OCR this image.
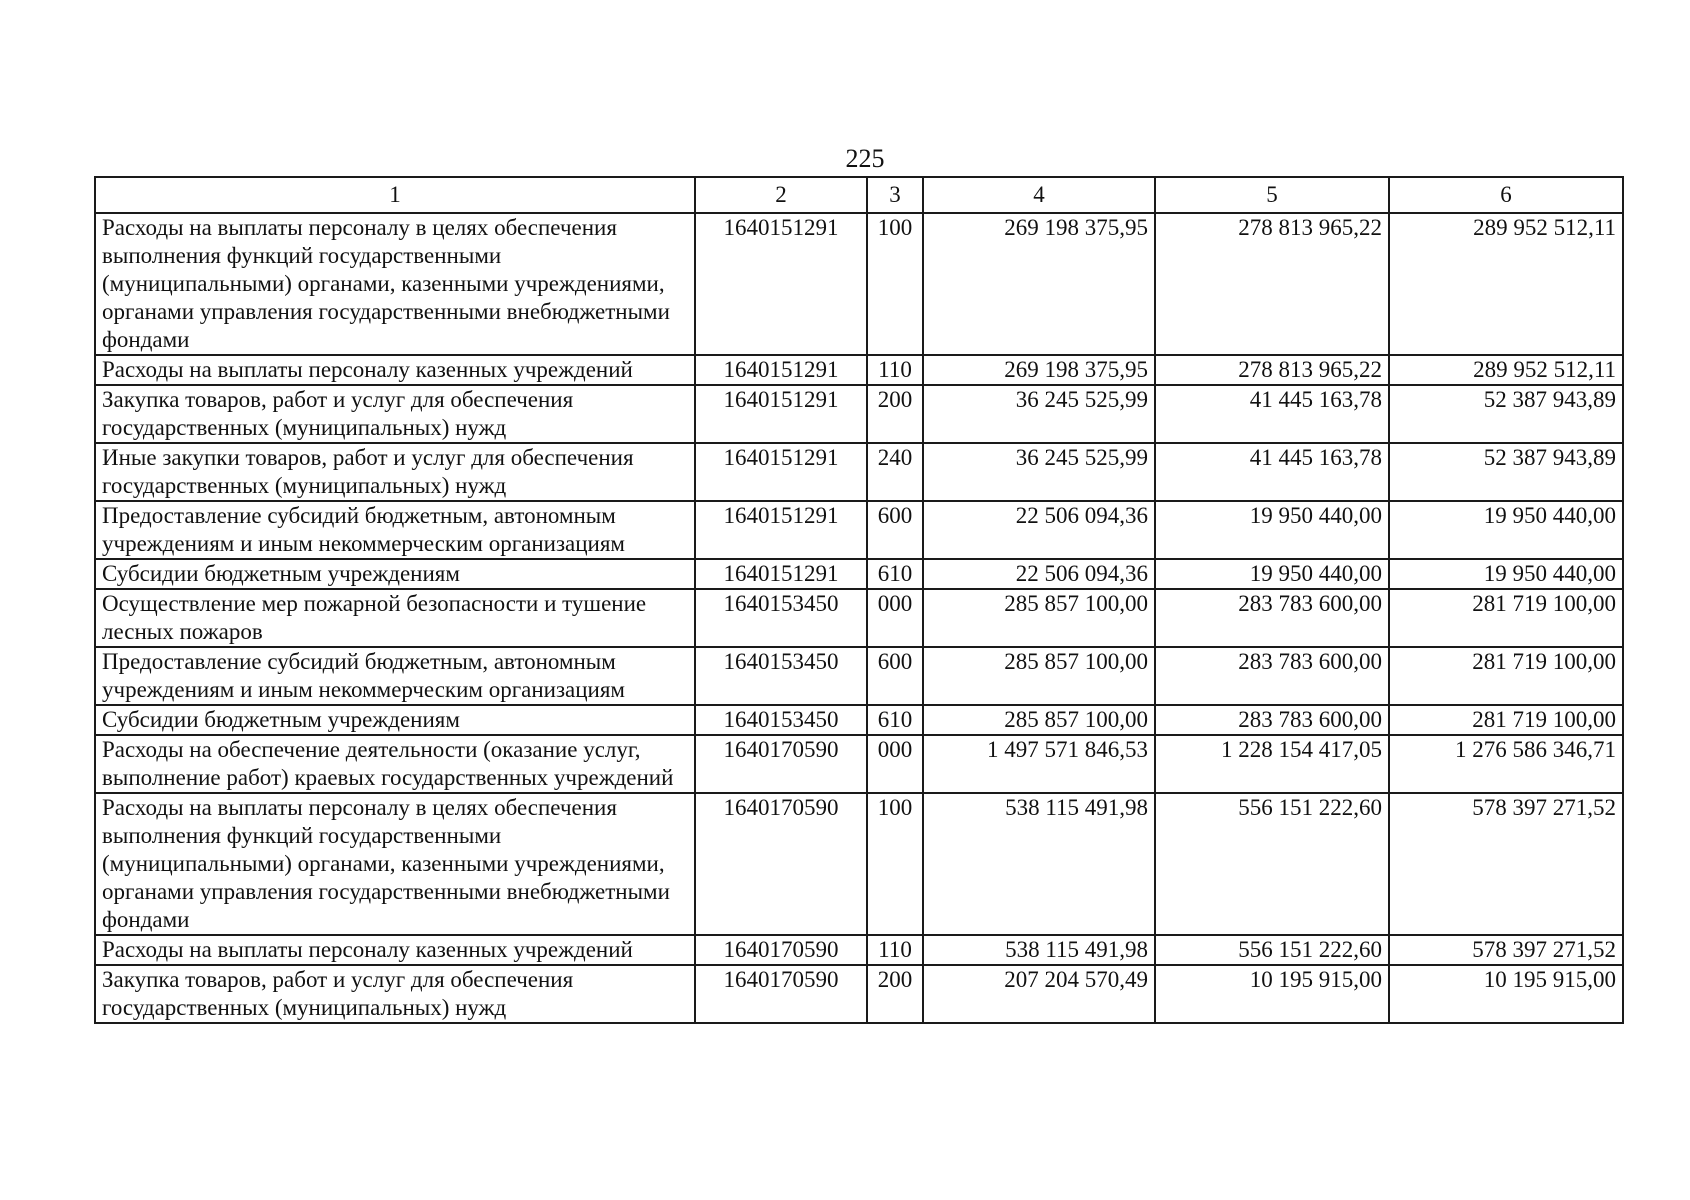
225
1	2	3	4	5	6
Расходы на выплаты персоналу в целях обеспечения выполнения функций государственными (муниципальными) органами, казенными учреждениями, органами управления государственными внебюджетными фондами	1640151291	100	269 198 375,95	278 813 965,22	289 952 512,11
Расходы на выплаты персоналу казенных учреждений	1640151291	110	269 198 375,95	278 813 965,22	289 952 512,11
Закупка товаров, работ и услуг для обеспечения государственных (муниципальных) нужд	1640151291	200	36 245 525,99	41 445 163,78	52 387 943,89
Иные закупки товаров, работ и услуг для обеспечения государственных (муниципальных) нужд	1640151291	240	36 245 525,99	41 445 163,78	52 387 943,89
Предоставление субсидий бюджетным, автономным учреждениям и иным некоммерческим организациям	1640151291	600	22 506 094,36	19 950 440,00	19 950 440,00
Субсидии бюджетным учреждениям	1640151291	610	22 506 094,36	19 950 440,00	19 950 440,00
Осуществление мер пожарной безопасности и тушение лесных пожаров	1640153450	000	285 857 100,00	283 783 600,00	281 719 100,00
Предоставление субсидий бюджетным, автономным учреждениям и иным некоммерческим организациям	1640153450	600	285 857 100,00	283 783 600,00	281 719 100,00
Субсидии бюджетным учреждениям	1640153450	610	285 857 100,00	283 783 600,00	281 719 100,00
Расходы на обеспечение деятельности (оказание услуг, выполнение работ) краевых государственных учреждений	1640170590	000	1 497 571 846,53	1 228 154 417,05	1 276 586 346,71
Расходы на выплаты персоналу в целях обеспечения выполнения функций государственными (муниципальными) органами, казенными учреждениями, органами управления государственными внебюджетными фондами	1640170590	100	538 115 491,98	556 151 222,60	578 397 271,52
Расходы на выплаты персоналу казенных учреждений	1640170590	110	538 115 491,98	556 151 222,60	578 397 271,52
Закупка товаров, работ и услуг для обеспечения государственных (муниципальных) нужд	1640170590	200	207 204 570,49	10 195 915,00	10 195 915,00
